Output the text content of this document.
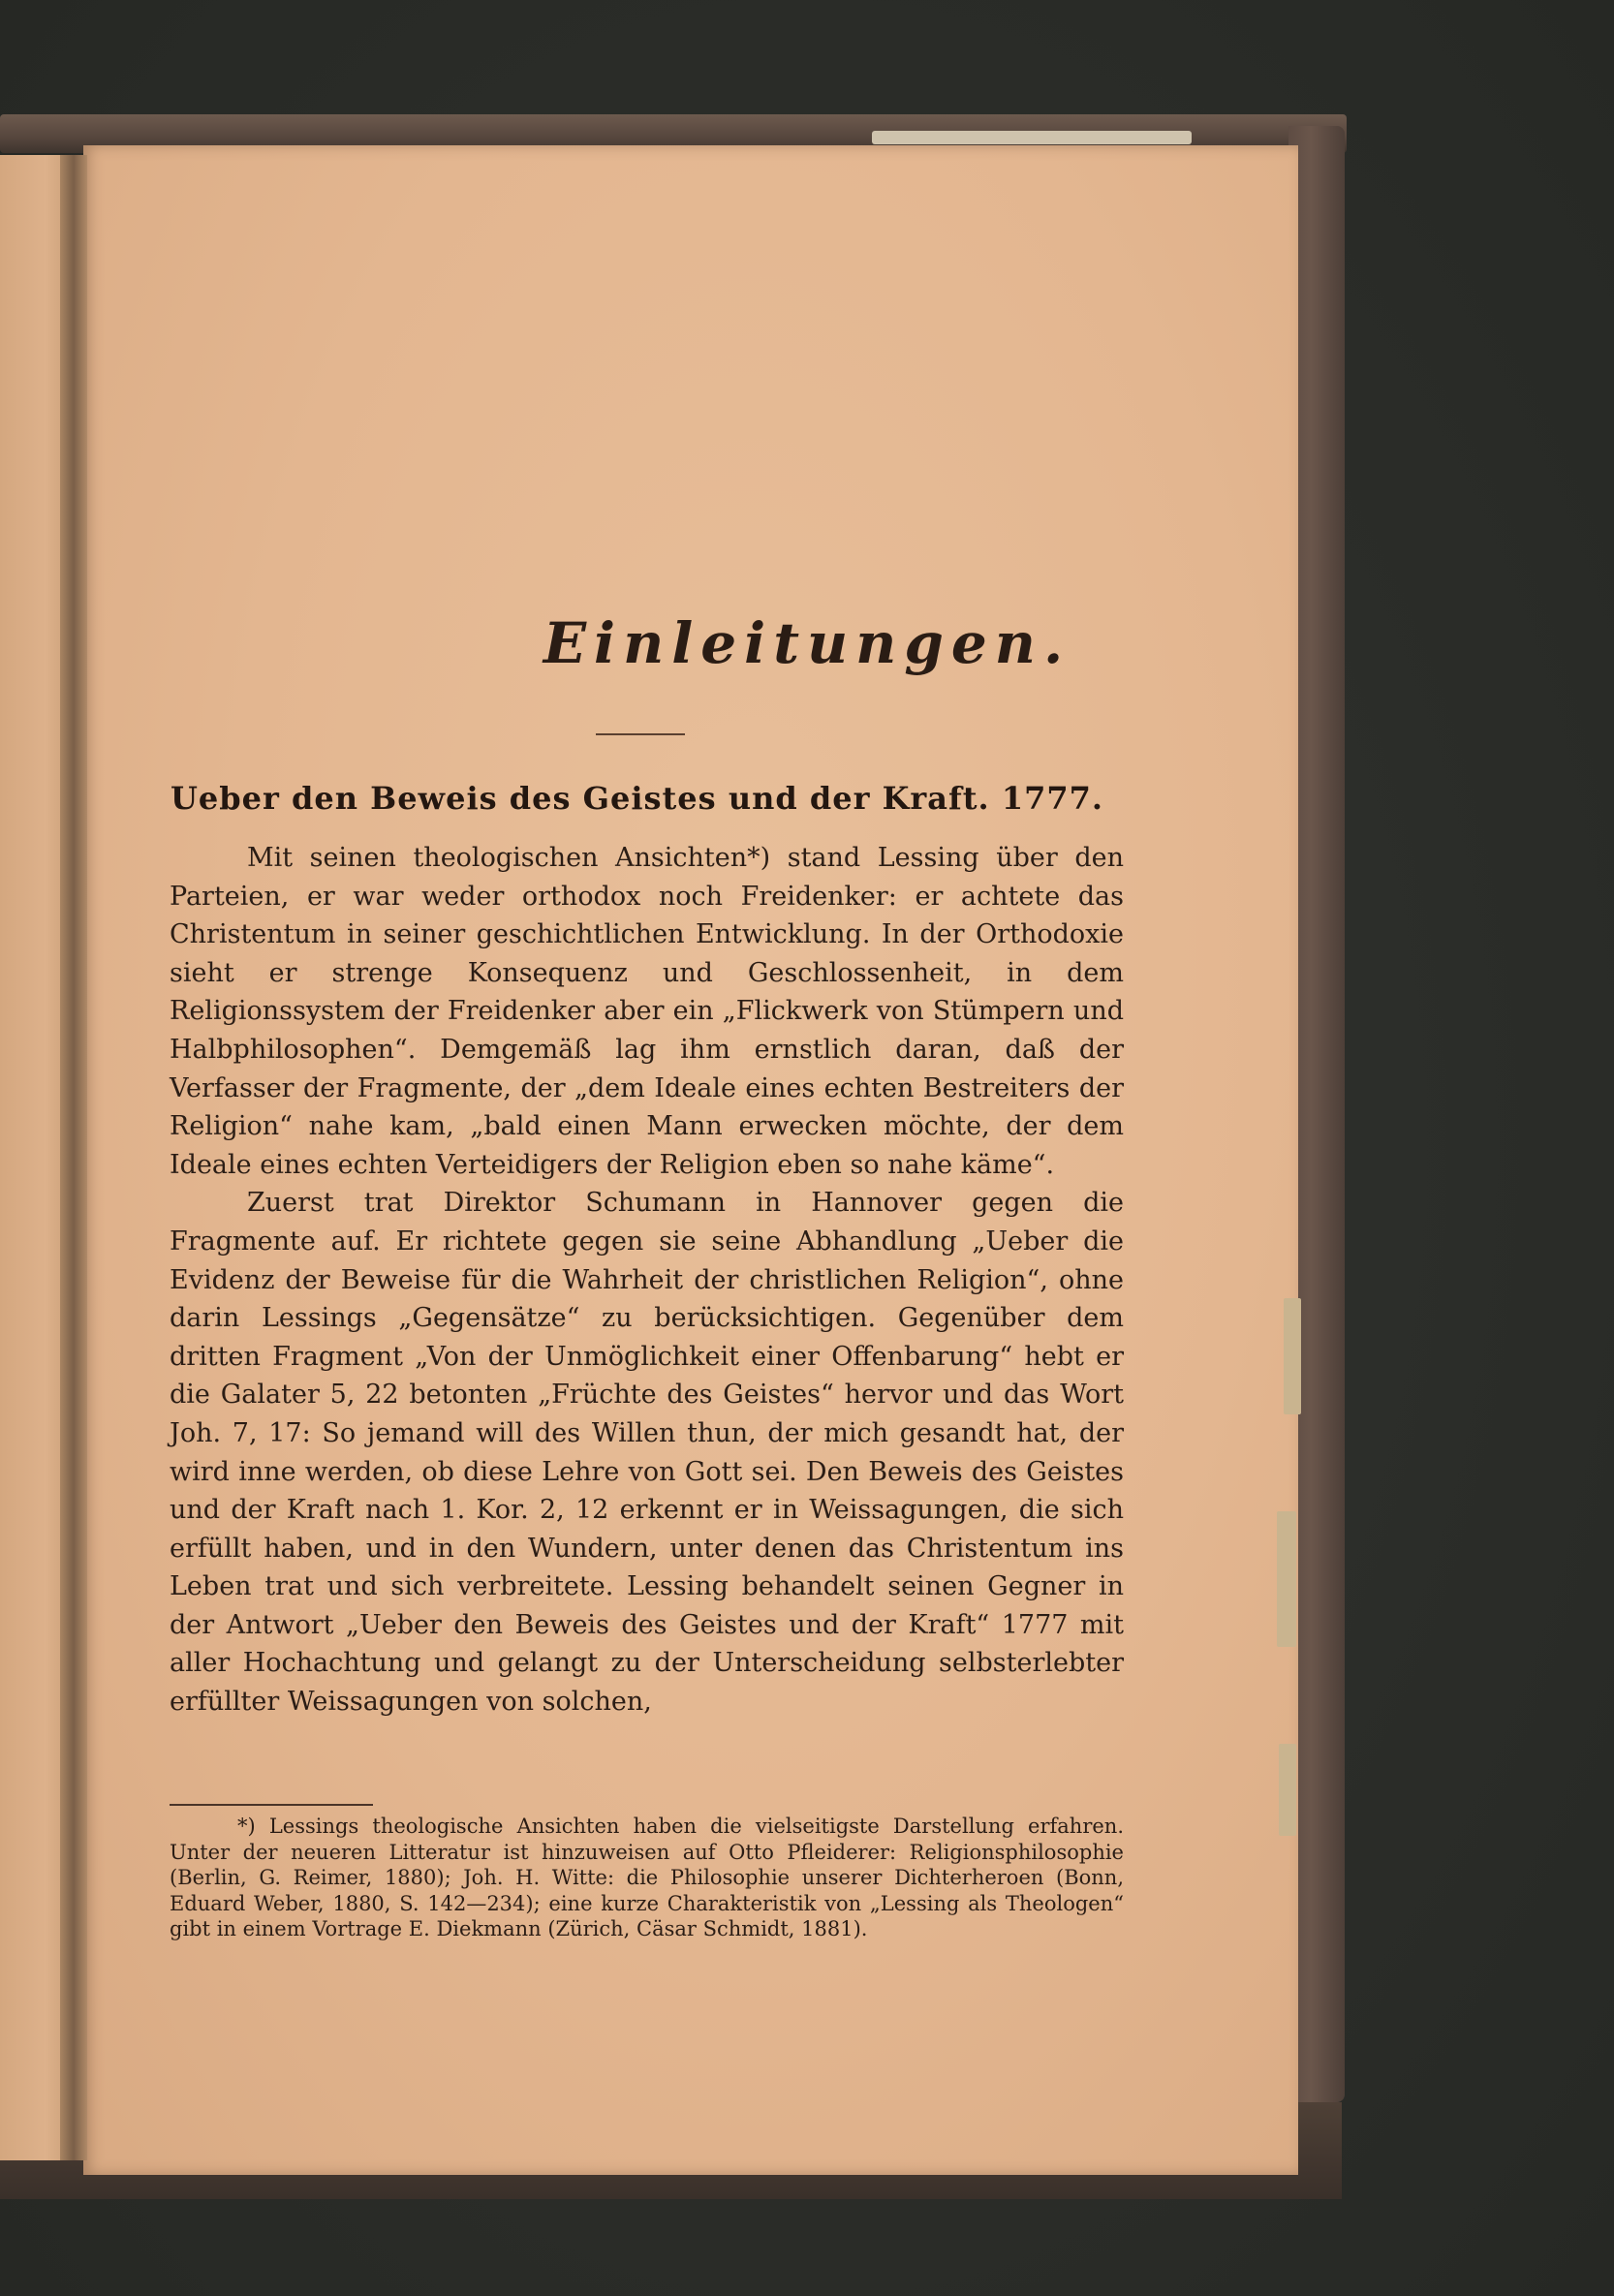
Einleitungen.
Ueber den Beweis des Geistes und der Kraft. 1777.

Mit seinen theologischen Ansichten*) stand Lessing über den Parteien, er war weder orthodox noch Freidenker: er achtete das Christentum in seiner geschichtlichen Entwicklung. In der Orthodoxie sieht er strenge Konsequenz und Geschlossenheit, in dem Religionssystem der Freidenker aber ein „Flickwerk von Stümpern und Halbphilosophen“. Demgemäß lag ihm ernstlich daran, daß der Verfasser der Fragmente, der „dem Ideale eines echten Bestreiters der Religion“ nahe kam, „bald einen Mann erwecken möchte, der dem Ideale eines echten Verteidigers der Religion eben so nahe käme“.

Zuerst trat Direktor Schumann in Hannover gegen die Fragmente auf. Er richtete gegen sie seine Abhandlung „Ueber die Evidenz der Beweise für die Wahrheit der christlichen Religion“, ohne darin Lessings „Gegensätze“ zu berücksichtigen. Gegenüber dem dritten Fragment „Von der Unmöglichkeit einer Offenbarung“ hebt er die Galater 5, 22 betonten „Früchte des Geistes“ hervor und das Wort Joh. 7, 17: So jemand will des Willen thun, der mich gesandt hat, der wird inne werden, ob diese Lehre von Gott sei. Den Beweis des Geistes und der Kraft nach 1. Kor. 2, 12 erkennt er in Weissagungen, die sich erfüllt haben, und in den Wundern, unter denen das Christentum ins Leben trat und sich verbreitete. Lessing behandelt seinen Gegner in der Antwort „Ueber den Beweis des Geistes und der Kraft“ 1777 mit aller Hochachtung und gelangt zu der Unterscheidung selbsterlebter erfüllter Weissagungen von solchen,

*) Lessings theologische Ansichten haben die vielseitigste Darstellung erfahren. Unter der neueren Litteratur ist hinzuweisen auf Otto Pfleiderer: Religionsphilosophie (Berlin, G. Reimer, 1880); Joh. H. Witte: die Philosophie unserer Dichterheroen (Bonn, Eduard Weber, 1880, S. 142—234); eine kurze Charakteristik von „Lessing als Theologen“ gibt in einem Vortrage E. Diekmann (Zürich, Cäsar Schmidt, 1881).
